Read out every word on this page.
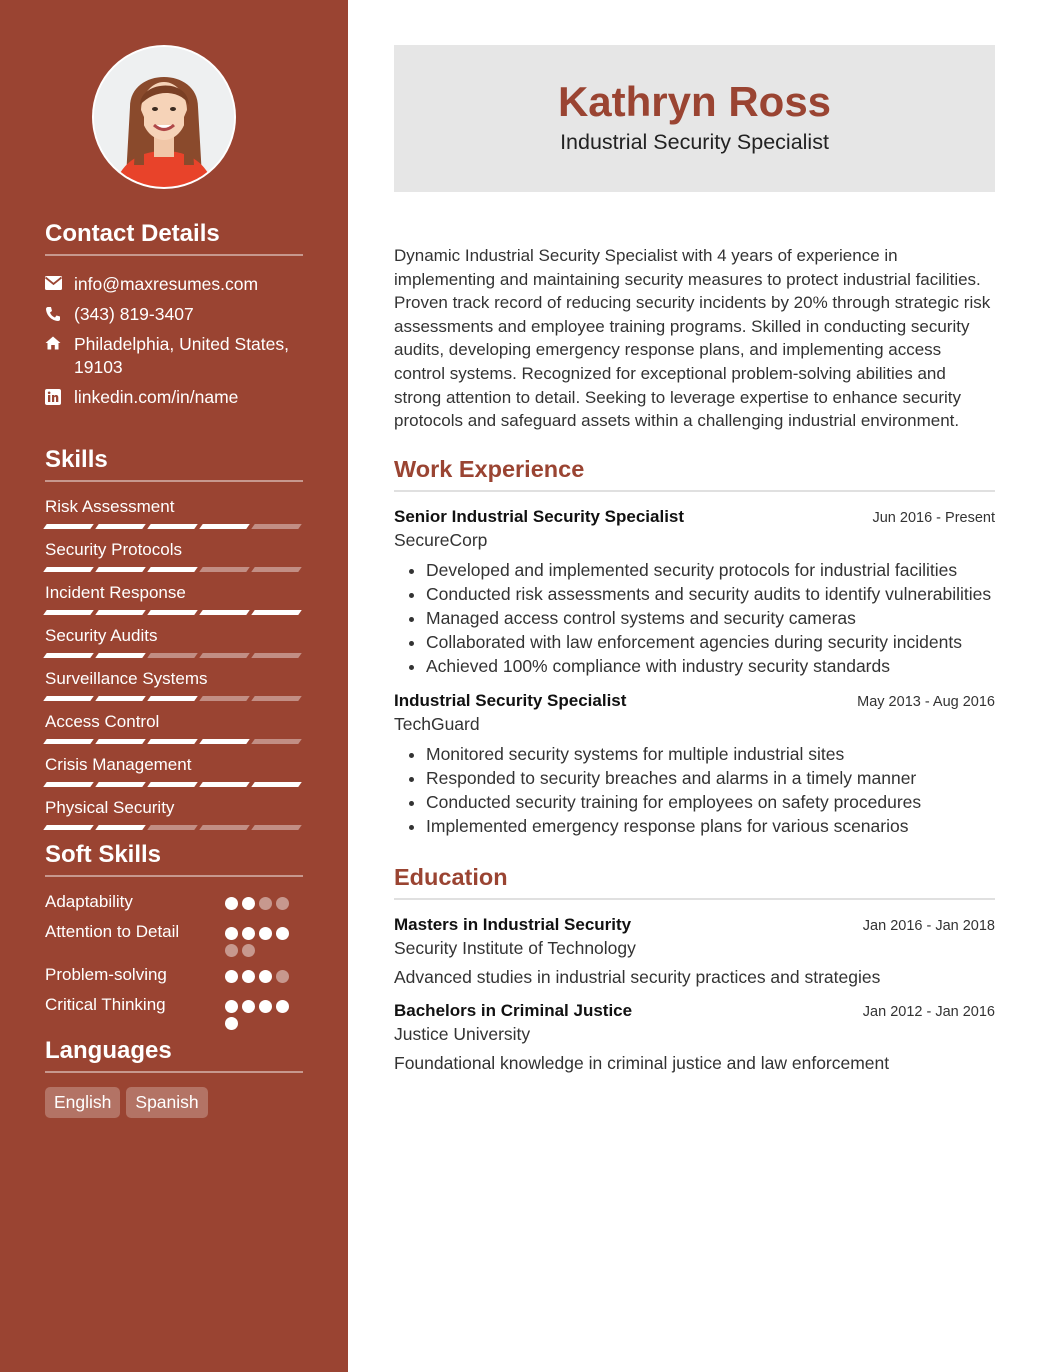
Contact Details
info@maxresumes.com
(343) 819-3407
Philadelphia, United States, 19103
linkedin.com/in/name
Skills
Risk Assessment
Security Protocols
Incident Response
Security Audits
Surveillance Systems
Access Control
Crisis Management
Physical Security
Soft Skills
Adaptability
Attention to Detail
Problem-solving
Critical Thinking
Languages
English	Spanish
Kathryn Ross
Industrial Security Specialist

Dynamic Industrial Security Specialist with 4 years of experience in implementing and maintaining security measures to protect industrial facilities. Proven track record of reducing security incidents by 20% through strategic risk assessments and employee training programs. Skilled in conducting security audits, developing emergency response plans, and implementing access control systems. Recognized for exceptional problem-solving abilities and strong attention to detail. Seeking to leverage expertise to enhance security protocols and safeguard assets within a challenging industrial environment.

Work Experience
Senior Industrial Security Specialist	Jun 2016 - Present
SecureCorp
• Developed and implemented security protocols for industrial facilities
• Conducted risk assessments and security audits to identify vulnerabilities
• Managed access control systems and security cameras
• Collaborated with law enforcement agencies during security incidents
• Achieved 100% compliance with industry security standards
Industrial Security Specialist	May 2013 - Aug 2016
TechGuard
• Monitored security systems for multiple industrial sites
• Responded to security breaches and alarms in a timely manner
• Conducted security training for employees on safety procedures
• Implemented emergency response plans for various scenarios
Education
Masters in Industrial Security	Jan 2016 - Jan 2018
Security Institute of Technology
Advanced studies in industrial security practices and strategies
Bachelors in Criminal Justice	Jan 2012 - Jan 2016
Justice University
Foundational knowledge in criminal justice and law enforcement
